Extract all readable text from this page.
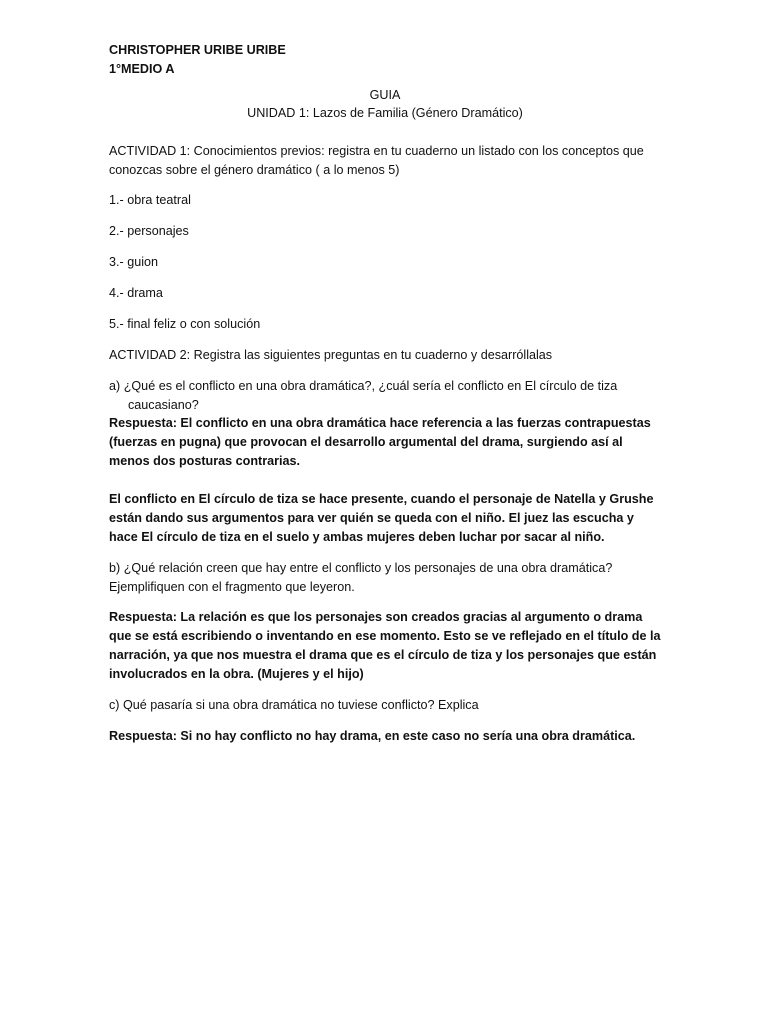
CHRISTOPHER URIBE URIBE
1°MEDIO A
GUIA
UNIDAD 1: Lazos de Familia (Género Dramático)
ACTIVIDAD 1: Conocimientos previos: registra en tu cuaderno un listado con los conceptos que conozcas sobre el género dramático ( a lo menos 5)
1.- obra teatral
2.- personajes
3.- guion
4.- drama
5.- final feliz o con solución
ACTIVIDAD 2: Registra las siguientes preguntas en tu cuaderno y desarróllalas
a) ¿Qué es el conflicto en una obra dramática?, ¿cuál sería el conflicto en El círculo de tiza caucasiano?
Respuesta: El conflicto en una obra dramática hace referencia a las fuerzas contrapuestas (fuerzas en pugna) que provocan el desarrollo argumental del drama, surgiendo así al menos dos posturas contrarias.
El conflicto en El círculo de tiza se hace presente, cuando el personaje de Natella y Grushe están dando sus argumentos para ver quién se queda con el niño. El juez las escucha y hace El círculo de tiza en el suelo y ambas mujeres deben luchar por sacar al niño.
b) ¿Qué relación creen que hay entre el conflicto y los personajes de una obra dramática? Ejemplifiquen con el fragmento que leyeron.
Respuesta: La relación es que los personajes son creados gracias al argumento o drama que se está escribiendo o inventando en ese momento. Esto se ve reflejado en el título de la narración, ya que nos muestra el drama que es el círculo de tiza y los personajes que están involucrados en la obra. (Mujeres y el hijo)
c) Qué pasaría si una obra dramática no tuviese conflicto? Explica
Respuesta: Si no hay conflicto no hay drama, en este caso no sería una obra dramática.
